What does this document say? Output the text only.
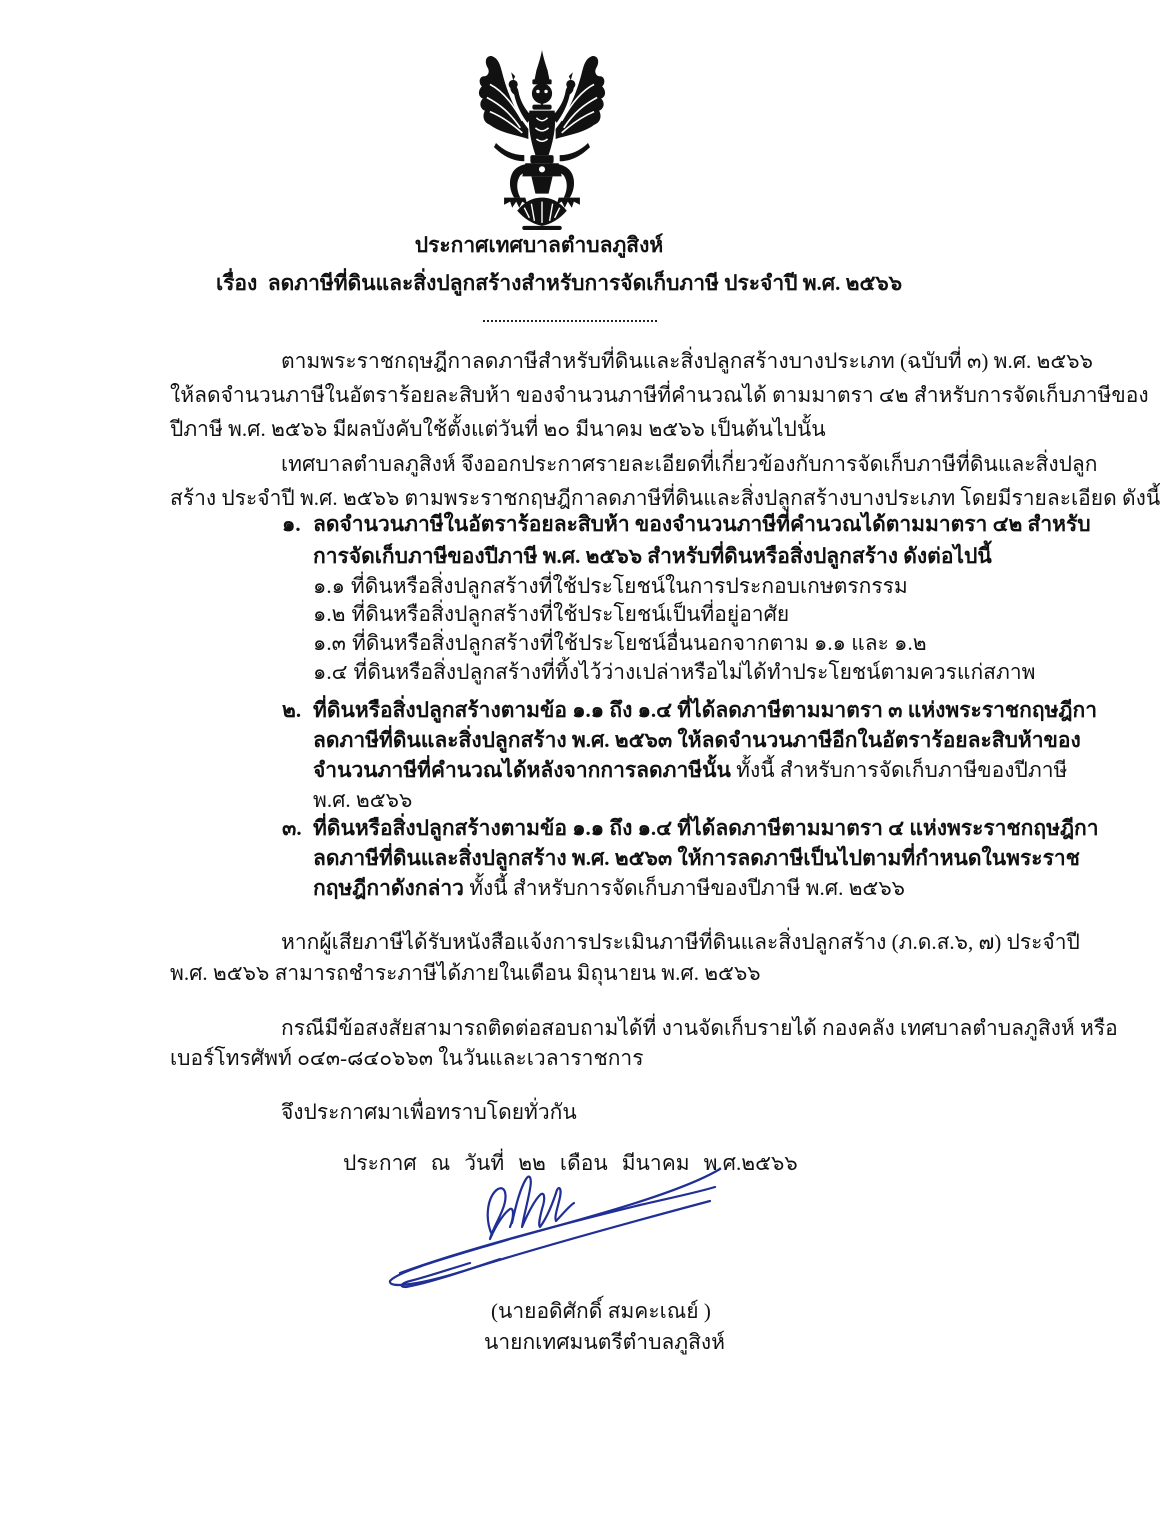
ประกาศเทศบาลตำบลภูสิงห์
เรื่อง ลดภาษีที่ดินและสิ่งปลูกสร้างสำหรับการจัดเก็บภาษี ประจำปี พ.ศ. ๒๕๖๖
ตามพระราชกฤษฎีกาลดภาษีสำหรับที่ดินและสิ่งปลูกสร้างบางประเภท (ฉบับที่ ๓) พ.ศ. ๒๕๖๖
ให้ลดจำนวนภาษีในอัตราร้อยละสิบห้า ของจำนวนภาษีที่คำนวณได้ ตามมาตรา ๔๒ สำหรับการจัดเก็บภาษีของ
ปีภาษี พ.ศ. ๒๕๖๖ มีผลบังคับใช้ตั้งแต่วันที่ ๒๐ มีนาคม ๒๕๖๖ เป็นต้นไปนั้น
เทศบาลตำบลภูสิงห์ จึงออกประกาศรายละเอียดที่เกี่ยวข้องกับการจัดเก็บภาษีที่ดินและสิ่งปลูก
สร้าง ประจำปี พ.ศ. ๒๕๖๖ ตามพระราชกฤษฎีกาลดภาษีที่ดินและสิ่งปลูกสร้างบางประเภท โดยมีรายละเอียด ดังนี้
๑. ลดจำนวนภาษีในอัตราร้อยละสิบห้า ของจำนวนภาษีที่คำนวณได้ตามมาตรา ๔๒ สำหรับ
การจัดเก็บภาษีของปีภาษี พ.ศ. ๒๕๖๖ สำหรับที่ดินหรือสิ่งปลูกสร้าง ดังต่อไปนี้
๑.๑ ที่ดินหรือสิ่งปลูกสร้างที่ใช้ประโยชน์ในการประกอบเกษตรกรรม
๑.๒ ที่ดินหรือสิ่งปลูกสร้างที่ใช้ประโยชน์เป็นที่อยู่อาศัย
๑.๓ ที่ดินหรือสิ่งปลูกสร้างที่ใช้ประโยชน์อื่นนอกจากตาม ๑.๑ และ ๑.๒
๑.๔ ที่ดินหรือสิ่งปลูกสร้างที่ทิ้งไว้ว่างเปล่าหรือไม่ได้ทำประโยชน์ตามควรแก่สภาพ
๒. ที่ดินหรือสิ่งปลูกสร้างตามข้อ ๑.๑ ถึง ๑.๔ ที่ได้ลดภาษีตามมาตรา ๓ แห่งพระราชกฤษฎีกา
ลดภาษีที่ดินและสิ่งปลูกสร้าง พ.ศ. ๒๕๖๓ ให้ลดจำนวนภาษีอีกในอัตราร้อยละสิบห้าของ
จำนวนภาษีที่คำนวณได้หลังจากการลดภาษีนั้น ทั้งนี้ สำหรับการจัดเก็บภาษีของปีภาษี
พ.ศ. ๒๕๖๖
๓. ที่ดินหรือสิ่งปลูกสร้างตามข้อ ๑.๑ ถึง ๑.๔ ที่ได้ลดภาษีตามมาตรา ๔ แห่งพระราชกฤษฎีกา
ลดภาษีที่ดินและสิ่งปลูกสร้าง พ.ศ. ๒๕๖๓ ให้การลดภาษีเป็นไปตามที่กำหนดในพระราช
กฤษฎีกาดังกล่าว ทั้งนี้ สำหรับการจัดเก็บภาษีของปีภาษี พ.ศ. ๒๕๖๖
หากผู้เสียภาษีได้รับหนังสือแจ้งการประเมินภาษีที่ดินและสิ่งปลูกสร้าง (ภ.ด.ส.๖, ๗) ประจำปี
พ.ศ. ๒๕๖๖ สามารถชำระภาษีได้ภายในเดือน มิถุนายน พ.ศ. ๒๕๖๖
กรณีมีข้อสงสัยสามารถติดต่อสอบถามได้ที่ งานจัดเก็บรายได้ กองคลัง เทศบาลตำบลภูสิงห์ หรือ
เบอร์โทรศัพท์ ๐๔๓-๘๔๐๖๖๓ ในวันและเวลาราชการ
จึงประกาศมาเพื่อทราบโดยทั่วกัน
ประกาศ ณ วันที่ ๒๒ เดือน มีนาคม พ.ศ.๒๕๖๖
(นายอดิศักดิ์ สมคะเณย์ )
นายกเทศมนตรีตำบลภูสิงห์
